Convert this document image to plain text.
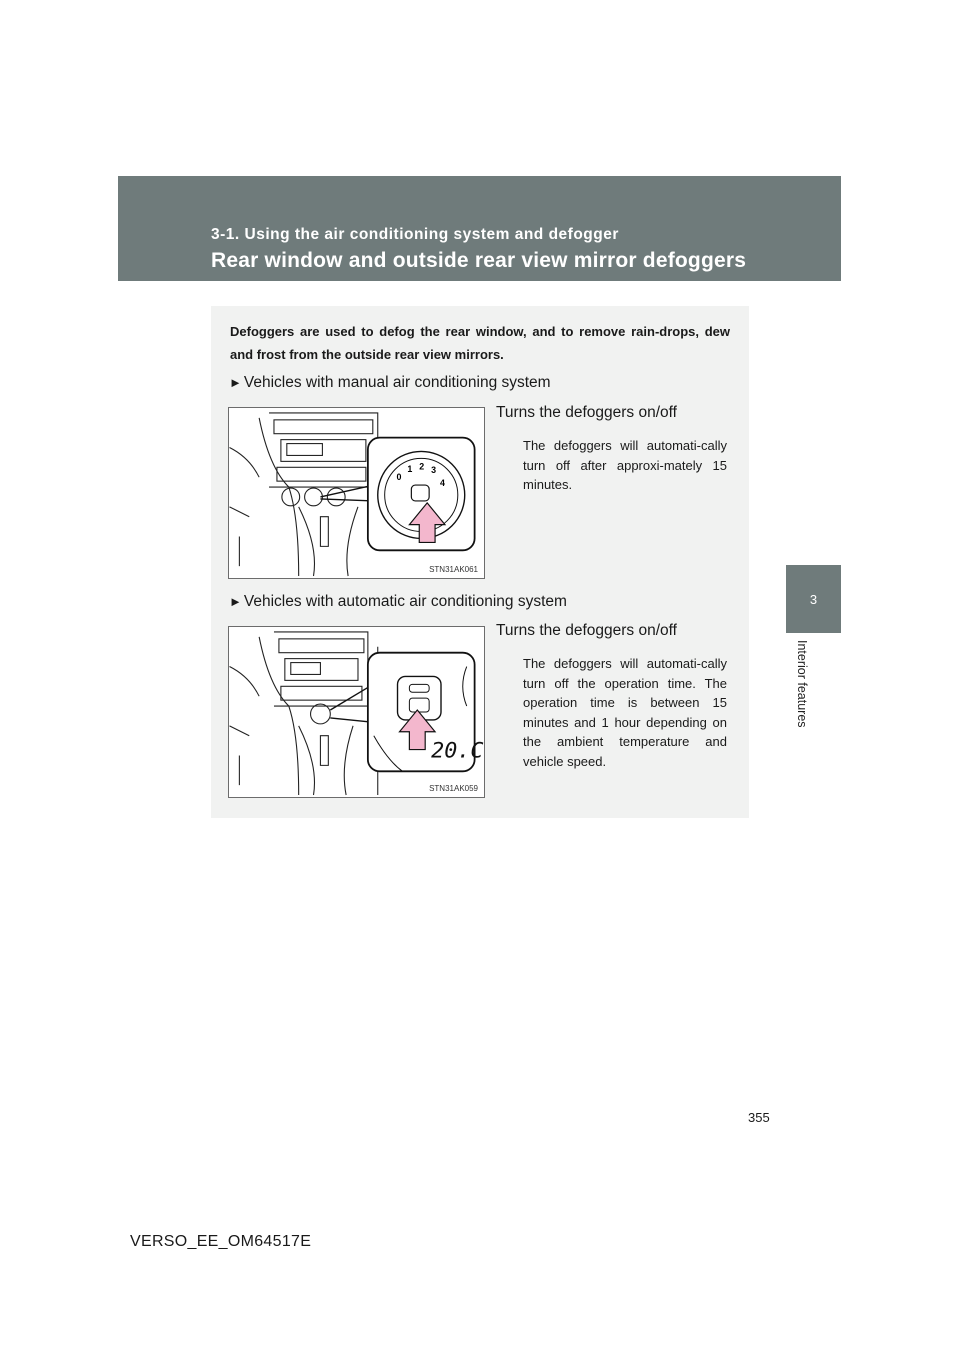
3-1. Using the air conditioning system and defogger
Rear window and outside rear view mirror defoggers
3
Interior features
Defoggers are used to defog the rear window, and to remove rain-drops, dew and frost from the outside rear view mirrors.
► Vehicles with manual air conditioning system
0
1 2 3
4
STN31AK061
Turns the defoggers on/off
The defoggers will automati-cally turn off after approxi-mately 15 minutes.
► Vehicles with automatic air conditioning system
20.C
STN31AK059
Turns the defoggers on/off
The defoggers will automati-cally turn off the operation time. The operation time is between 15 minutes and 1 hour depending on the ambient temperature and vehicle speed.
355
VERSO_EE_OM64517E
